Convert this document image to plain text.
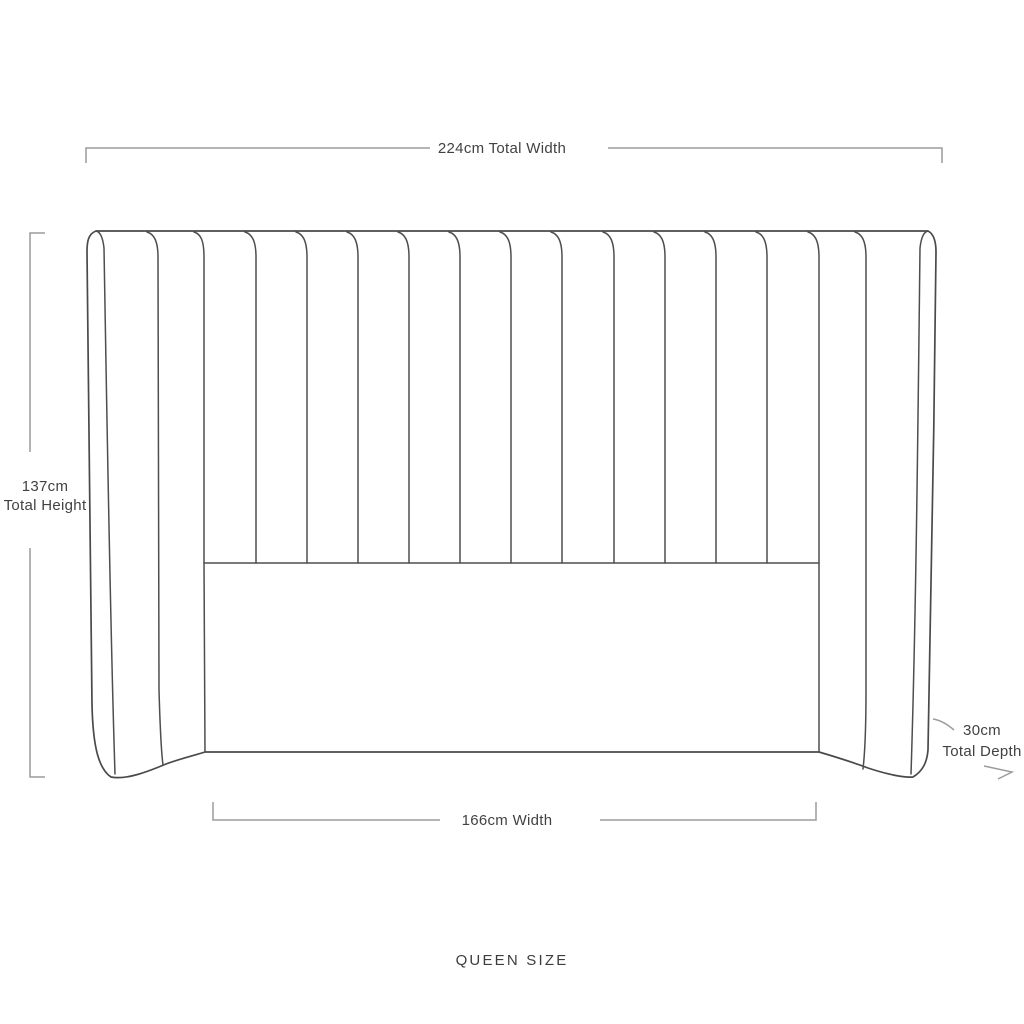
224cm Total Width
137cm
Total Height
30cm
Total Depth
166cm Width
QUEEN SIZE
